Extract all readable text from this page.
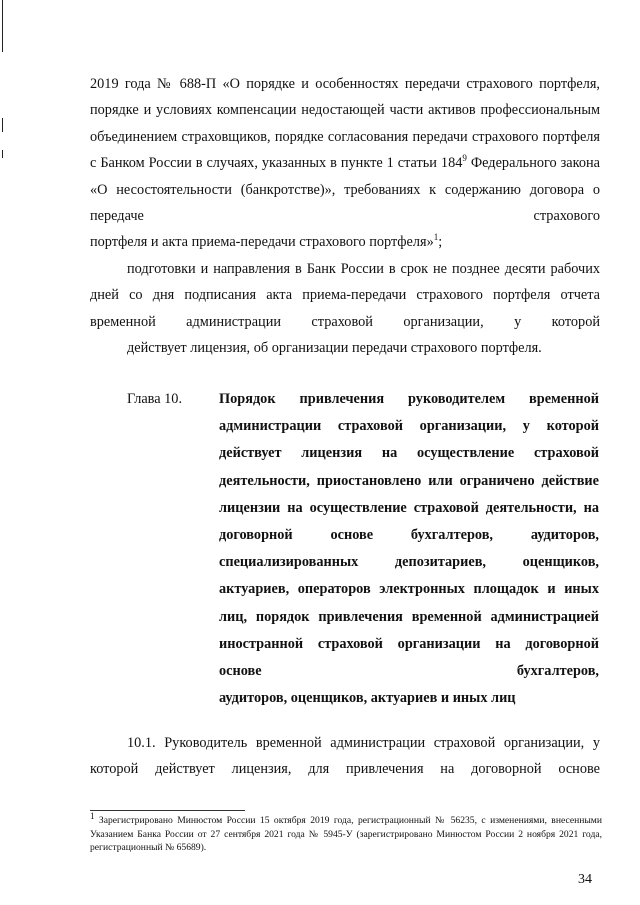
2019 года № 688-П «О порядке и особенностях передачи страхового портфеля, порядке и условиях компенсации недостающей части активов профессиональным объединением страховщиков, порядке согласования передачи страхового портфеля с Банком России в случаях, указанных в пункте 1 статьи $184^9$ Федерального закона «О несостоятельности (банкротстве)», требованиях к содержанию договора о передаче страхового
портфеля и акта приема-передачи страхового портфеля»$^1$;
подготовки и направления в Банк России в срок не позднее десяти рабочих дней со дня подписания акта приема-передачи страхового портфеля отчета временной администрации страховой организации, у которой
действует лицензия, об организации передачи страхового портфеля.
Глава 10.	Порядок привлечения руководителем временной администрации страховой организации, у которой действует лицензия на осуществление страховой деятельности, приостановлено или ограничено действие лицензии на осуществление страховой деятельности, на договорной основе бухгалтеров,	аудиторов, специализированных депозитариев,	оценщиков, актуариев, операторов электронных площадок и иных лиц, порядок привлечения временной администрацией иностранной страховой организации на договорной основе бухгалтеров,
аудиторов, оценщиков, актуариев и иных лиц
10.1. Руководитель временной администрации страховой организации, у которой действует лицензия, для привлечения на договорной основе
$^1$ Зарегистрировано Минюстом России 15 октября 2019 года, регистрационный № 56235, с изменениями, внесенными Указанием Банка России от 27 сентября 2021 года № 5945-У (зарегистрировано Минюстом России 2 ноября 2021 года, регистрационный № 65689).
34
